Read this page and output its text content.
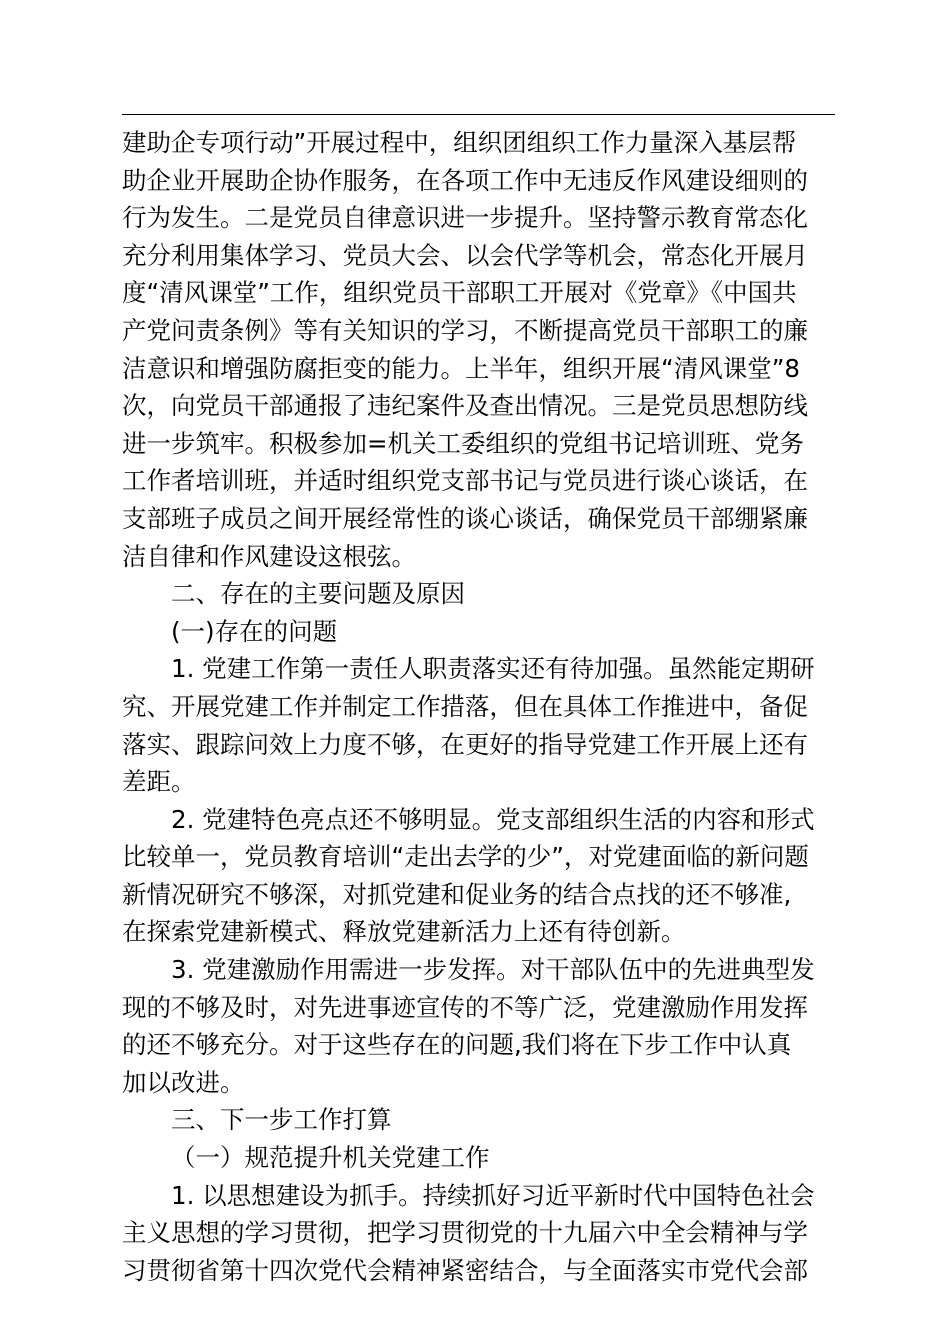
建助企专项行动”开展过程中，组织团组织工作力量深入基层帮
助企业开展助企协作服务，在各项工作中无违反作风建设细则的
行为发生。二是党员自律意识进一步提升。坚持警示教育常态化
充分利用集体学习、党员大会、以会代学等机会，常态化开展月
度“清风课堂”工作，组织党员干部职工开展对《党章》《中国共
产党问责条例》等有关知识的学习，不断提高党员干部职工的廉
洁意识和增强防腐拒变的能力。上半年，组织开展“清风课堂”8
次，向党员干部通报了违纪案件及查出情况。三是党员思想防线
进一步筑牢。积极参加=机关工委组织的党组书记培训班、党务
工作者培训班，并适时组织党支部书记与党员进行谈心谈话，在
支部班子成员之间开展经常性的谈心谈话，确保党员干部绷紧廉
洁自律和作风建设这根弦。
二、存在的主要问题及原因
(一)存在的问题
1. 党建工作第一责任人职责落实还有待加强。虽然能定期研
究、开展党建工作并制定工作措落，但在具体工作推进中，备促
落实、跟踪问效上力度不够，在更好的指导党建工作开展上还有
差距。
2. 党建特色亮点还不够明显。党支部组织生活的内容和形式
比较单一，党员教育培训“走出去学的少”，对党建面临的新问题
新情况研究不够深，对抓党建和促业务的结合点找的还不够准,
在探索党建新模式、释放党建新活力上还有待创新。
3. 党建激励作用需进一步发挥。对干部队伍中的先进典型发
现的不够及时，对先进事迹宣传的不等广泛，党建激励作用发挥
的还不够充分。对于这些存在的问题,我们将在下步工作中认真
加以改进。
三、下一步工作打算
（一）规范提升机关党建工作
1. 以思想建设为抓手。持续抓好习近平新时代中国特色社会
主义思想的学习贯彻，把学习贯彻党的十九届六中全会精神与学
习贯彻省第十四次党代会精神紧密结合，与全面落实市党代会部
